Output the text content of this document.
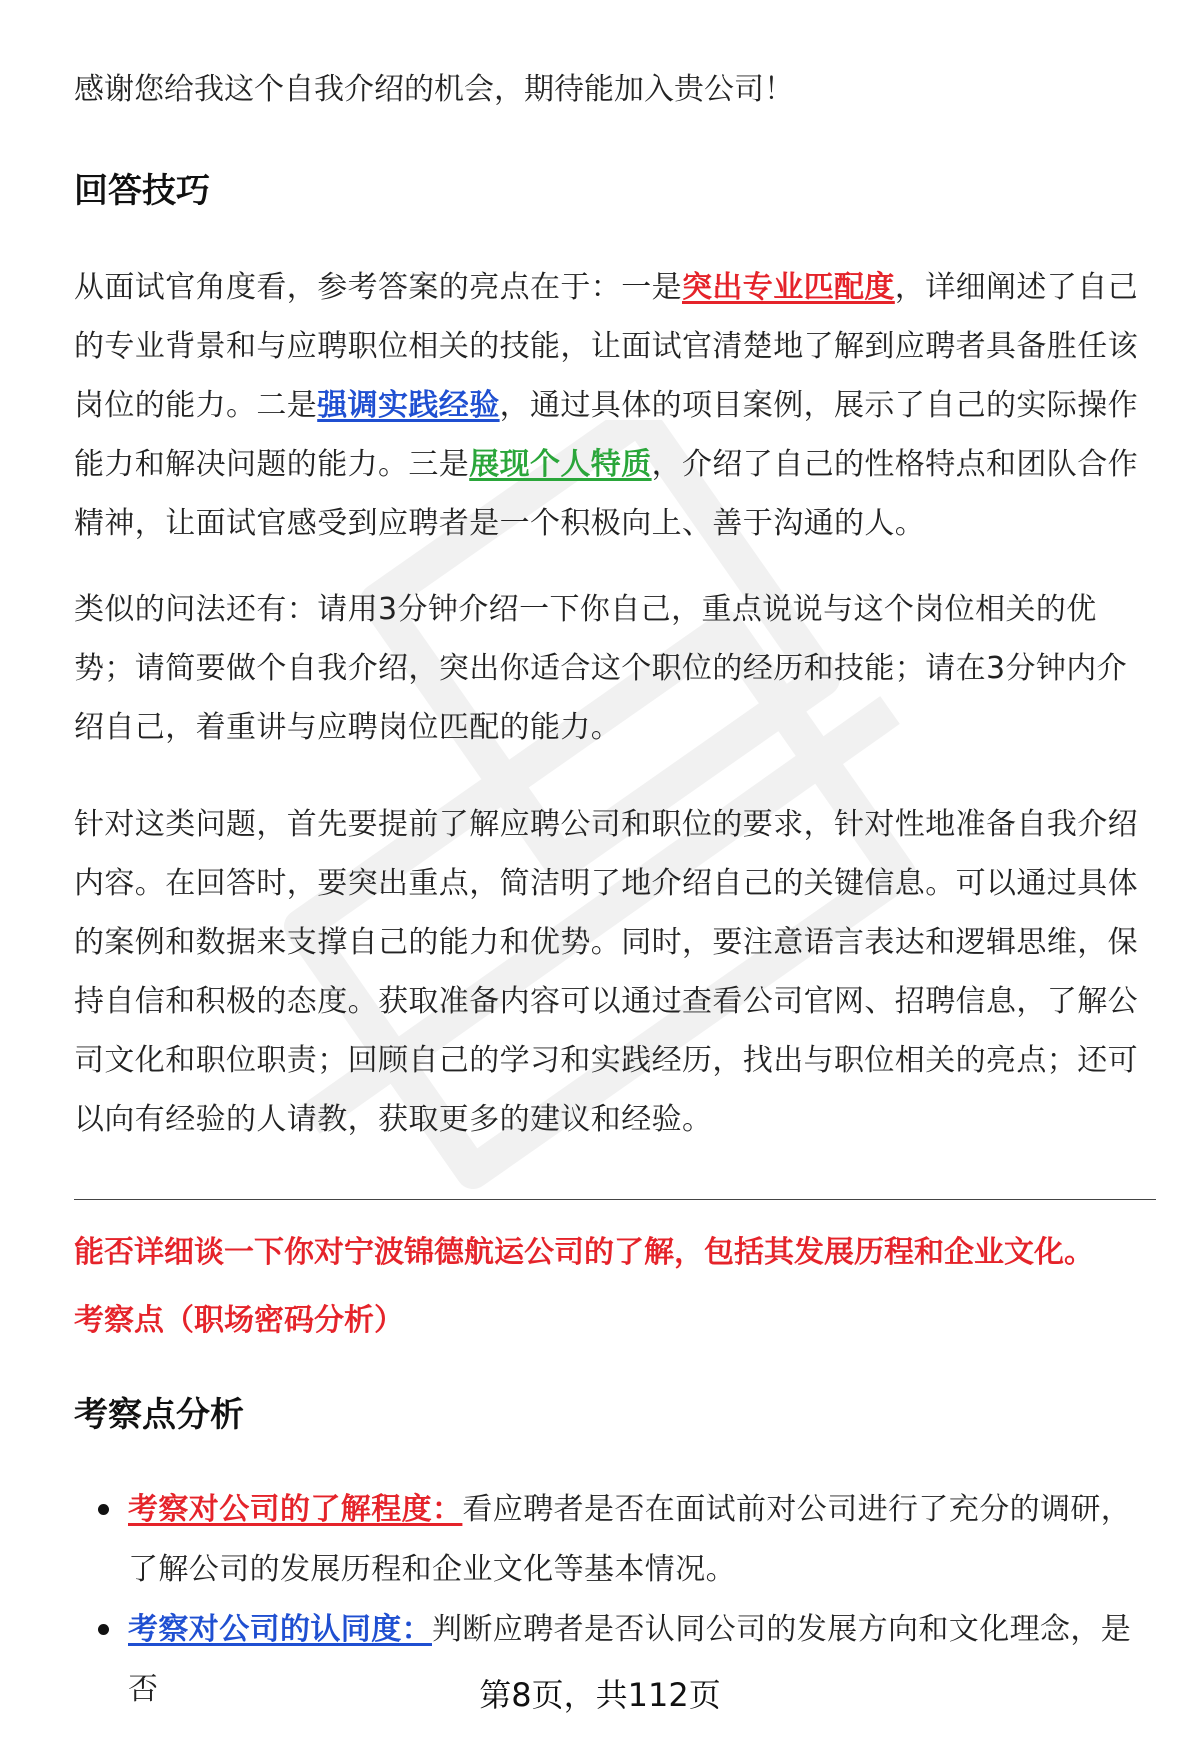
感谢您给我这个自我介绍的机会，期待能加入贵公司！

回答技巧
从面试官角度看，参考答案的亮点在于：一是突出专业匹配度，详细阐述了自己的专业背景和与应聘职位相关的技能，让面试官清楚地了解到应聘者具备胜任该岗位的能力。二是强调实践经验，通过具体的项目案例，展示了自己的实际操作能力和解决问题的能力。三是展现个人特质，介绍了自己的性格特点和团队合作精神，让面试官感受到应聘者是一个积极向上、善于沟通的人。
类似的问法还有：请用3分钟介绍一下你自己，重点说说与这个岗位相关的优势；请简要做个自我介绍，突出你适合这个职位的经历和技能；请在3分钟内介绍自己，着重讲与应聘岗位匹配的能力。
针对这类问题，首先要提前了解应聘公司和职位的要求，针对性地准备自我介绍内容。在回答时，要突出重点，简洁明了地介绍自己的关键信息。可以通过具体的案例和数据来支撑自己的能力和优势。同时，要注意语言表达和逻辑思维，保持自信和积极的态度。获取准备内容可以通过查看公司官网、招聘信息，了解公司文化和职位职责；回顾自己的学习和实践经历，找出与职位相关的亮点；还可以向有经验的人请教，获取更多的建议和经验。
能否详细谈一下你对宁波锦德航运公司的了解，包括其发展历程和企业文化。
考察点（职场密码分析）
考察点分析
考察对公司的了解程度：看应聘者是否在面试前对公司进行了充分的调研，了解公司的发展历程和企业文化等基本情况。
考察对公司的认同度：判断应聘者是否认同公司的发展方向和文化理念，是否	第8页，共112页
